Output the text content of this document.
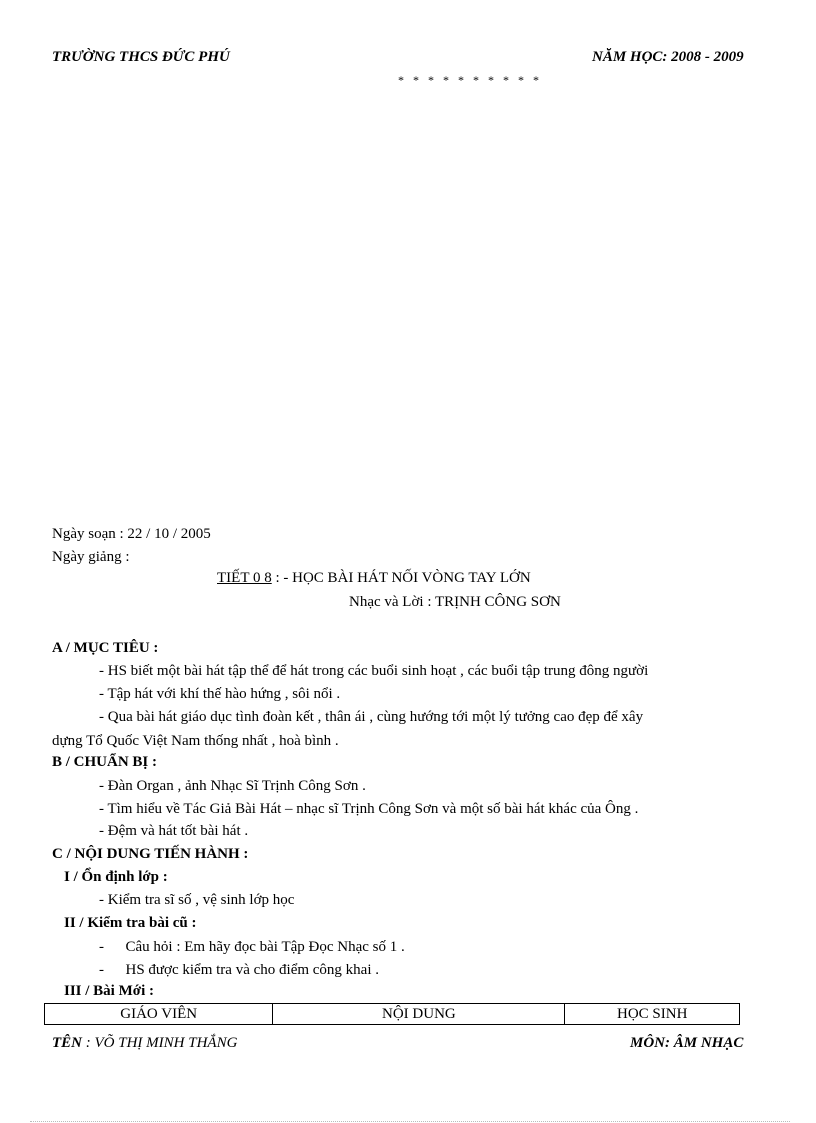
TRƯỜNG THCS ĐỨC PHÚ	NĂM HỌC: 2008 - 2009
* * * * * * * * * *
Ngày soạn : 22 / 10 / 2005
Ngày giảng :
TIẾT 0 8 : - HỌC BÀI HÁT NỐI VÒNG TAY LỚN
Nhạc và Lời : TRỊNH CÔNG SƠN
A / MỤC TIÊU :
- HS biết một bài hát tập thể để hát trong các buổi sinh hoạt , các buổi tập trung đông người
- Tập hát với khí thế hào hứng , sôi nổi .
- Qua bài hát giáo dục tình đoàn kết , thân ái , cùng hướng tới một lý tưởng cao đẹp để xây
dựng Tổ Quốc Việt Nam thống nhất , hoà bình .
B / CHUẨN BỊ :
- Đàn Organ , ảnh Nhạc Sĩ Trịnh Công Sơn .
- Tìm hiểu về Tác Giả Bài Hát – nhạc sĩ Trịnh Công Sơn và một số bài hát khác của Ông .
- Đệm và hát tốt bài hát .
C / NỘI DUNG TIẾN HÀNH :
I / Ổn định lớp :
- Kiểm tra sĩ số , vệ sinh lớp học
II / Kiểm tra bài cũ :
- Câu hỏi : Em hãy đọc bài Tập Đọc Nhạc số 1 .
- HS được kiểm tra và cho điểm công khai .
III / Bài Mới :
GIÁO VIÊN	NỘI DUNG	HỌC SINH
TÊN : VÕ THỊ MINH THẮNG	MÔN: ÂM NHẠC
